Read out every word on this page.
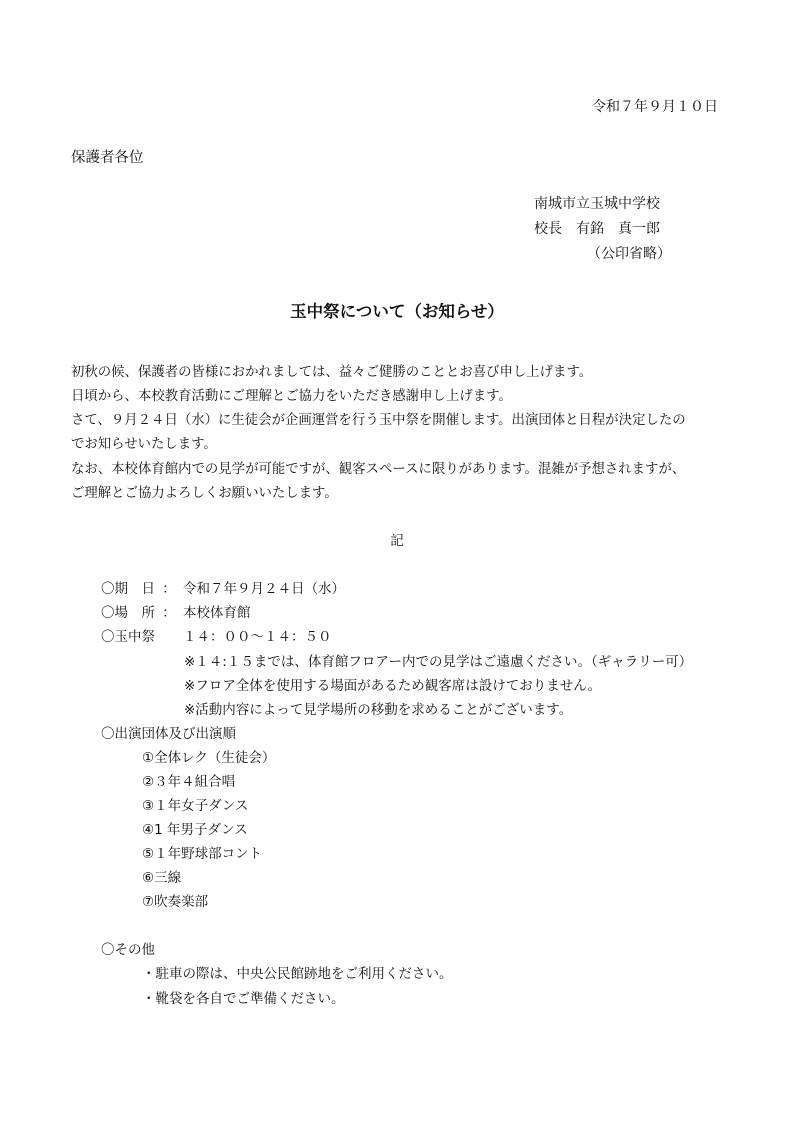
令和７年９月１０日
保護者各位
南城市立玉城中学校
校長　有銘　真一郎
（公印省略）
玉中祭について（お知らせ）
初秋の候、保護者の皆様におかれましては、益々ご健勝のこととお喜び申し上げます。
日頃から、本校教育活動にご理解とご協力をいただき感謝申し上げます。
さて、９月２４日（水）に生徒会が企画運営を行う玉中祭を開催します。出演団体と日程が決定したの
でお知らせいたします。
なお、本校体育館内での見学が可能ですが、観客スペースに限りがあります。混雑が予想されますが、
ご理解とご協力よろしくお願いいたします。
記
〇期　日 ： 令和７年９月２４日（水）
〇場　所 ： 本校体育館
〇玉中祭 １４：００～１４：５０
※１４:１５までは、体育館フロアー内での見学はご遠慮ください。（ギャラリー可）
※フロア全体を使用する場面があるため観客席は設けておりません。
※活動内容によって見学場所の移動を求めることがございます。
〇出演団体及び出演順
①全体レク（生徒会）
②３年４組合唱
③１年女子ダンス
④1 年男子ダンス
⑤１年野球部コント
⑥三線
⑦吹奏楽部
〇その他
・駐車の際は、中央公民館跡地をご利用ください。
・靴袋を各自でご準備ください。
